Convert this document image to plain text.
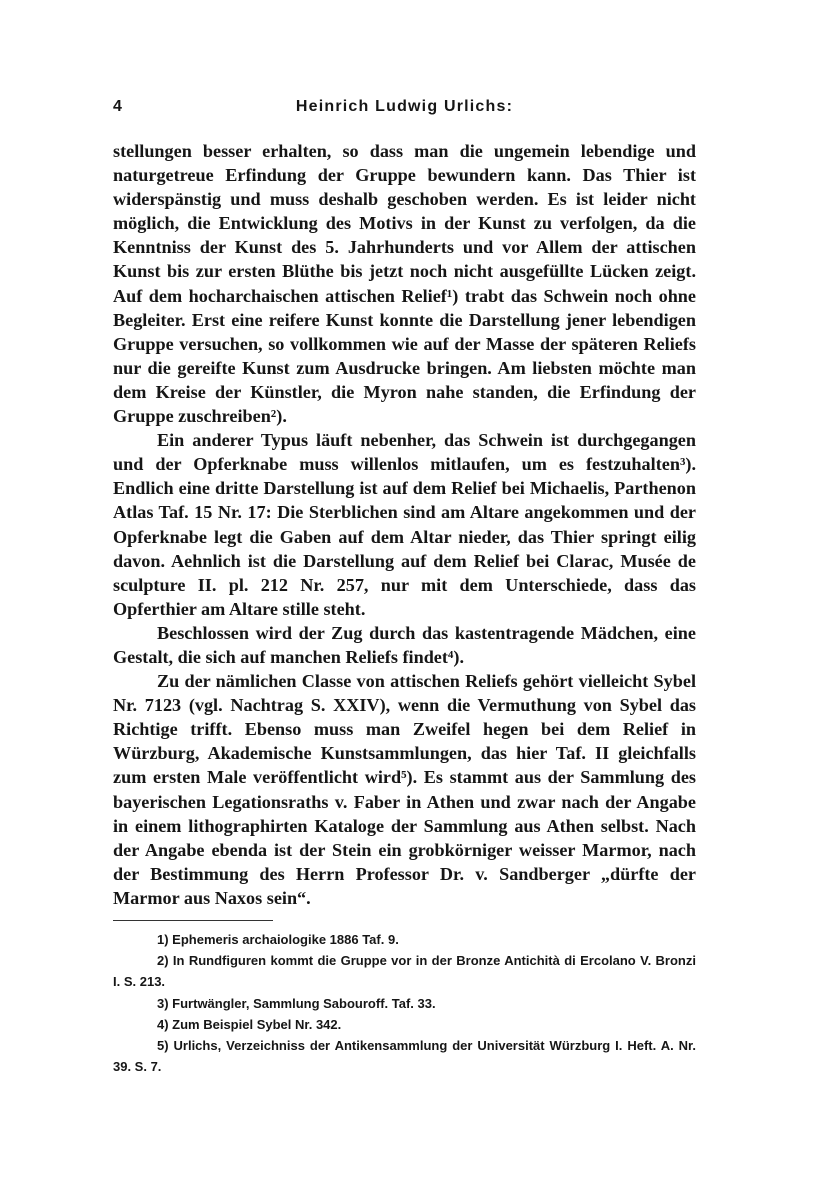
4	Heinrich Ludwig Urlichs:

stellungen besser erhalten, so dass man die ungemein lebendige und naturgetreue Erfindung der Gruppe bewundern kann. Das Thier ist widerspänstig und muss deshalb geschoben werden. Es ist leider nicht möglich, die Entwicklung des Motivs in der Kunst zu verfolgen, da die Kenntniss der Kunst des 5. Jahrhunderts und vor Allem der attischen Kunst bis zur ersten Blüthe bis jetzt noch nicht ausgefüllte Lücken zeigt. Auf dem hocharchaischen attischen Relief¹) trabt das Schwein noch ohne Begleiter. Erst eine reifere Kunst konnte die Darstellung jener lebendigen Gruppe versuchen, so vollkommen wie auf der Masse der späteren Reliefs nur die gereifte Kunst zum Ausdrucke bringen. Am liebsten möchte man dem Kreise der Künstler, die Myron nahe standen, die Erfindung der Gruppe zuschreiben²).

Ein anderer Typus läuft nebenher, das Schwein ist durchgegangen und der Opferknabe muss willenlos mitlaufen, um es festzuhalten³). Endlich eine dritte Darstellung ist auf dem Relief bei Michaelis, Parthenon Atlas Taf. 15 Nr. 17: Die Sterblichen sind am Altare angekommen und der Opferknabe legt die Gaben auf dem Altar nieder, das Thier springt eilig davon. Aehnlich ist die Darstellung auf dem Relief bei Clarac, Musée de sculpture II. pl. 212 Nr. 257, nur mit dem Unterschiede, dass das Opferthier am Altare stille steht.

Beschlossen wird der Zug durch das kastentragende Mädchen, eine Gestalt, die sich auf manchen Reliefs findet⁴).

Zu der nämlichen Classe von attischen Reliefs gehört vielleicht Sybel Nr. 7123 (vgl. Nachtrag S. XXIV), wenn die Vermuthung von Sybel das Richtige trifft. Ebenso muss man Zweifel hegen bei dem Relief in Würzburg, Akademische Kunstsammlungen, das hier Taf. II gleichfalls zum ersten Male veröffentlicht wird⁵). Es stammt aus der Sammlung des bayerischen Legationsraths v. Faber in Athen und zwar nach der Angabe in einem lithographirten Kataloge der Sammlung aus Athen selbst. Nach der Angabe ebenda ist der Stein ein grobkörniger weisser Marmor, nach der Bestimmung des Herrn Professor Dr. v. Sandberger „dürfte der Marmor aus Naxos sein“.

1) Ephemeris archaiologike 1886 Taf. 9.

2) In Rundfiguren kommt die Gruppe vor in der Bronze Antichità di Ercolano V. Bronzi I. S. 213.

3) Furtwängler, Sammlung Sabouroff. Taf. 33.

4) Zum Beispiel Sybel Nr. 342.

5) Urlichs, Verzeichniss der Antikensammlung der Universität Würzburg I. Heft. A. Nr. 39. S. 7.
